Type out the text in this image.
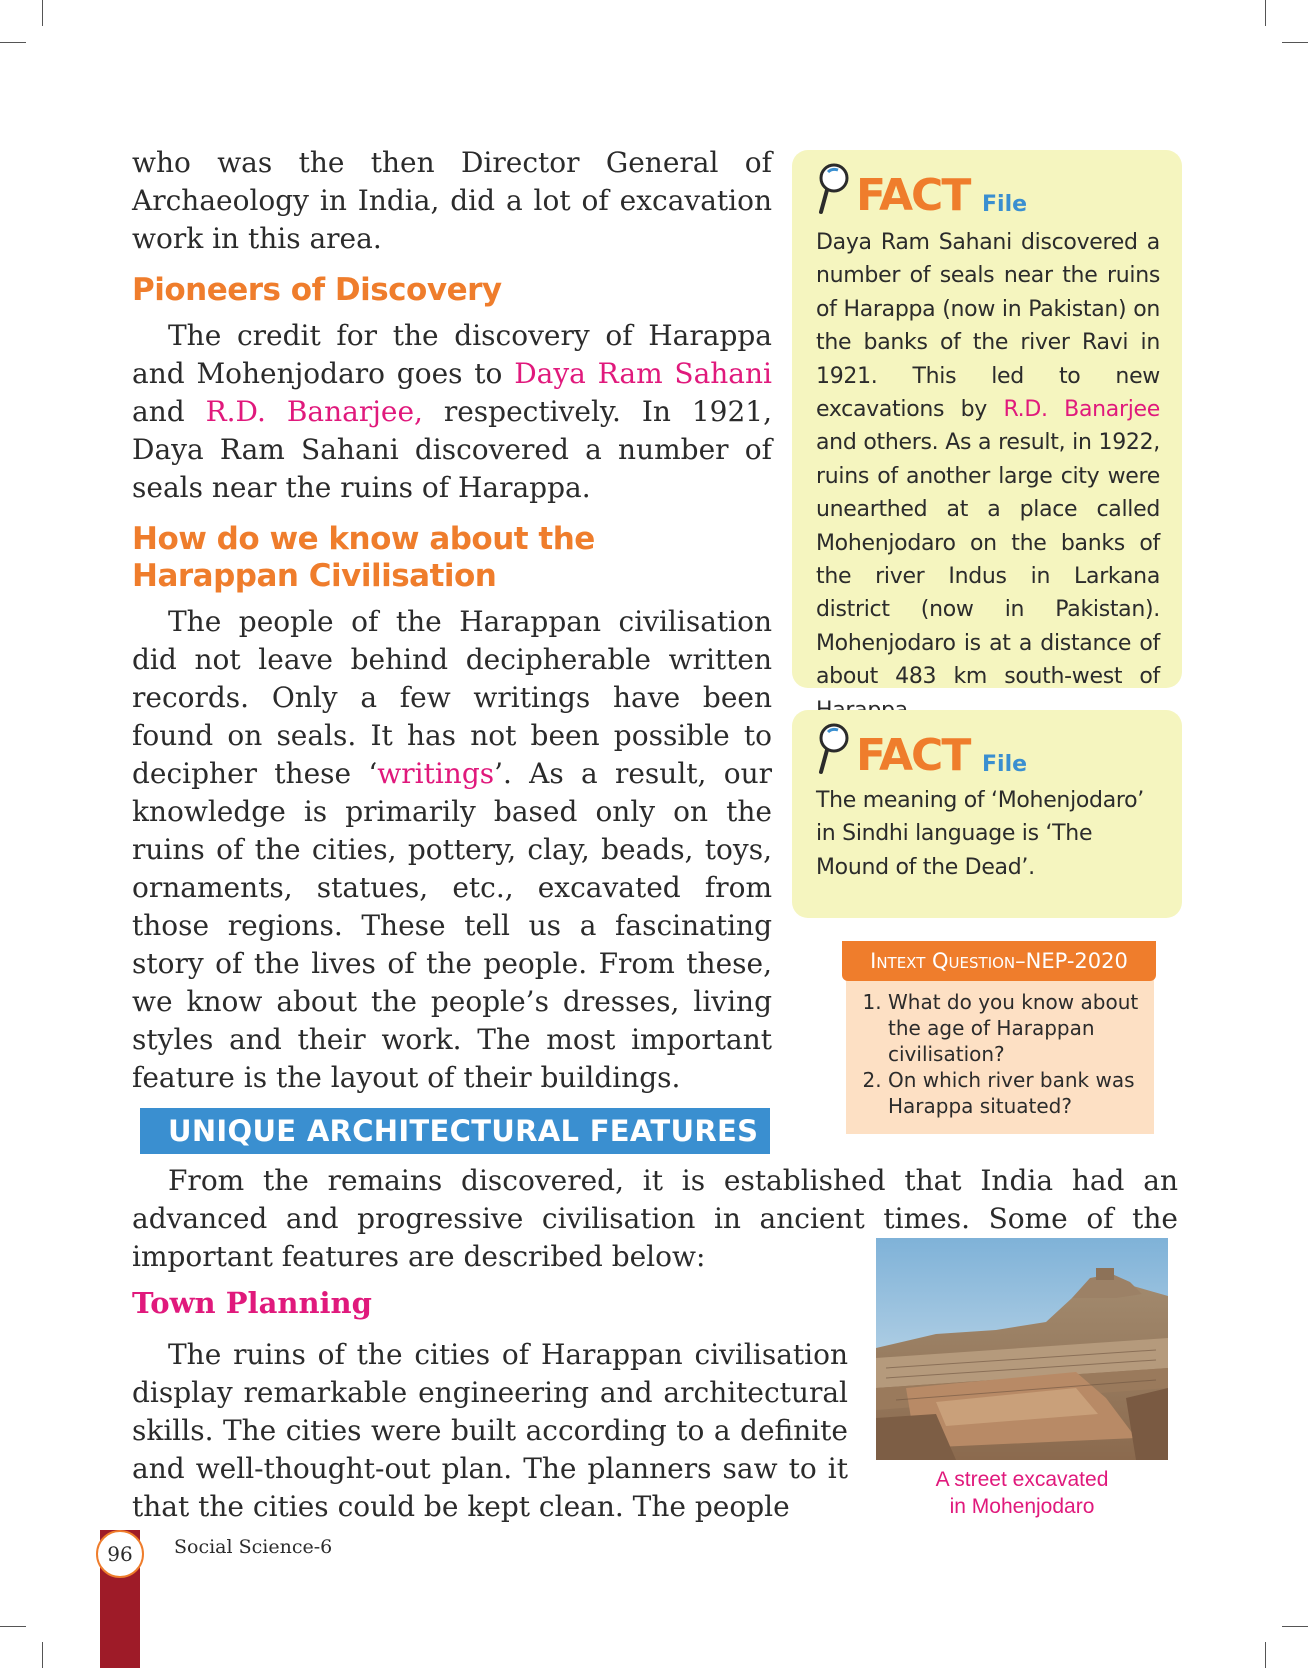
who was the then Director General of Archaeology in India, did a lot of excavation work in this area.

Pioneers of Discovery

The credit for the discovery of Harappa and Mohenjodaro goes to Daya Ram Sahani and R.D. Banarjee, respectively. In 1921, Daya Ram Sahani discovered a number of seals near the ruins of Harappa.

How do we know about the Harappan Civilisation

The people of the Harappan civilisation did not leave behind decipherable written records. Only a few writings have been found on seals. It has not been possible to decipher these ‘writings’. As a result, our knowledge is primarily based only on the ruins of the cities, pottery, clay, beads, toys, ornaments, statues, etc., excavated from those regions. These tell us a fascinating story of the lives of the people. From these, we know about the people’s dresses, living styles and their work. The most important feature is the layout of their buildings.

FACT File

Daya Ram Sahani discovered a number of seals near the ruins of Harappa (now in Pakistan) on the banks of the river Ravi in 1921. This led to new excavations by R.D. Banarjee and others. As a result, in 1922, ruins of another large city were unearthed at a place called Mohenjodaro on the banks of the river Indus in Larkana district (now in Pakistan). Mohenjodaro is at a distance of about 483 km south-west of

FACT File

The meaning of ‘Mohenjodaro’ in Sindhi language is ‘The Mound of the Dead’.

1. What do you know about the age of Harappan civilisation?
2. On which river bank was Harappa situated?
Intext Question–NEP-2020
UNIQUE ARCHITECTURAL FEATURES

From the remains discovered, it is established that India had an advanced and progressive civilisation in ancient times. Some of the important features are described below:

Town Planning

The ruins of the cities of Harappan civilisation display remarkable engineering and architectural skills. The cities were built according to a definite and well-thought-out plan. The planners saw to it that the cities could be kept clean. The people

A street excavated
in Mohenjodaro
96	Social Science-6
